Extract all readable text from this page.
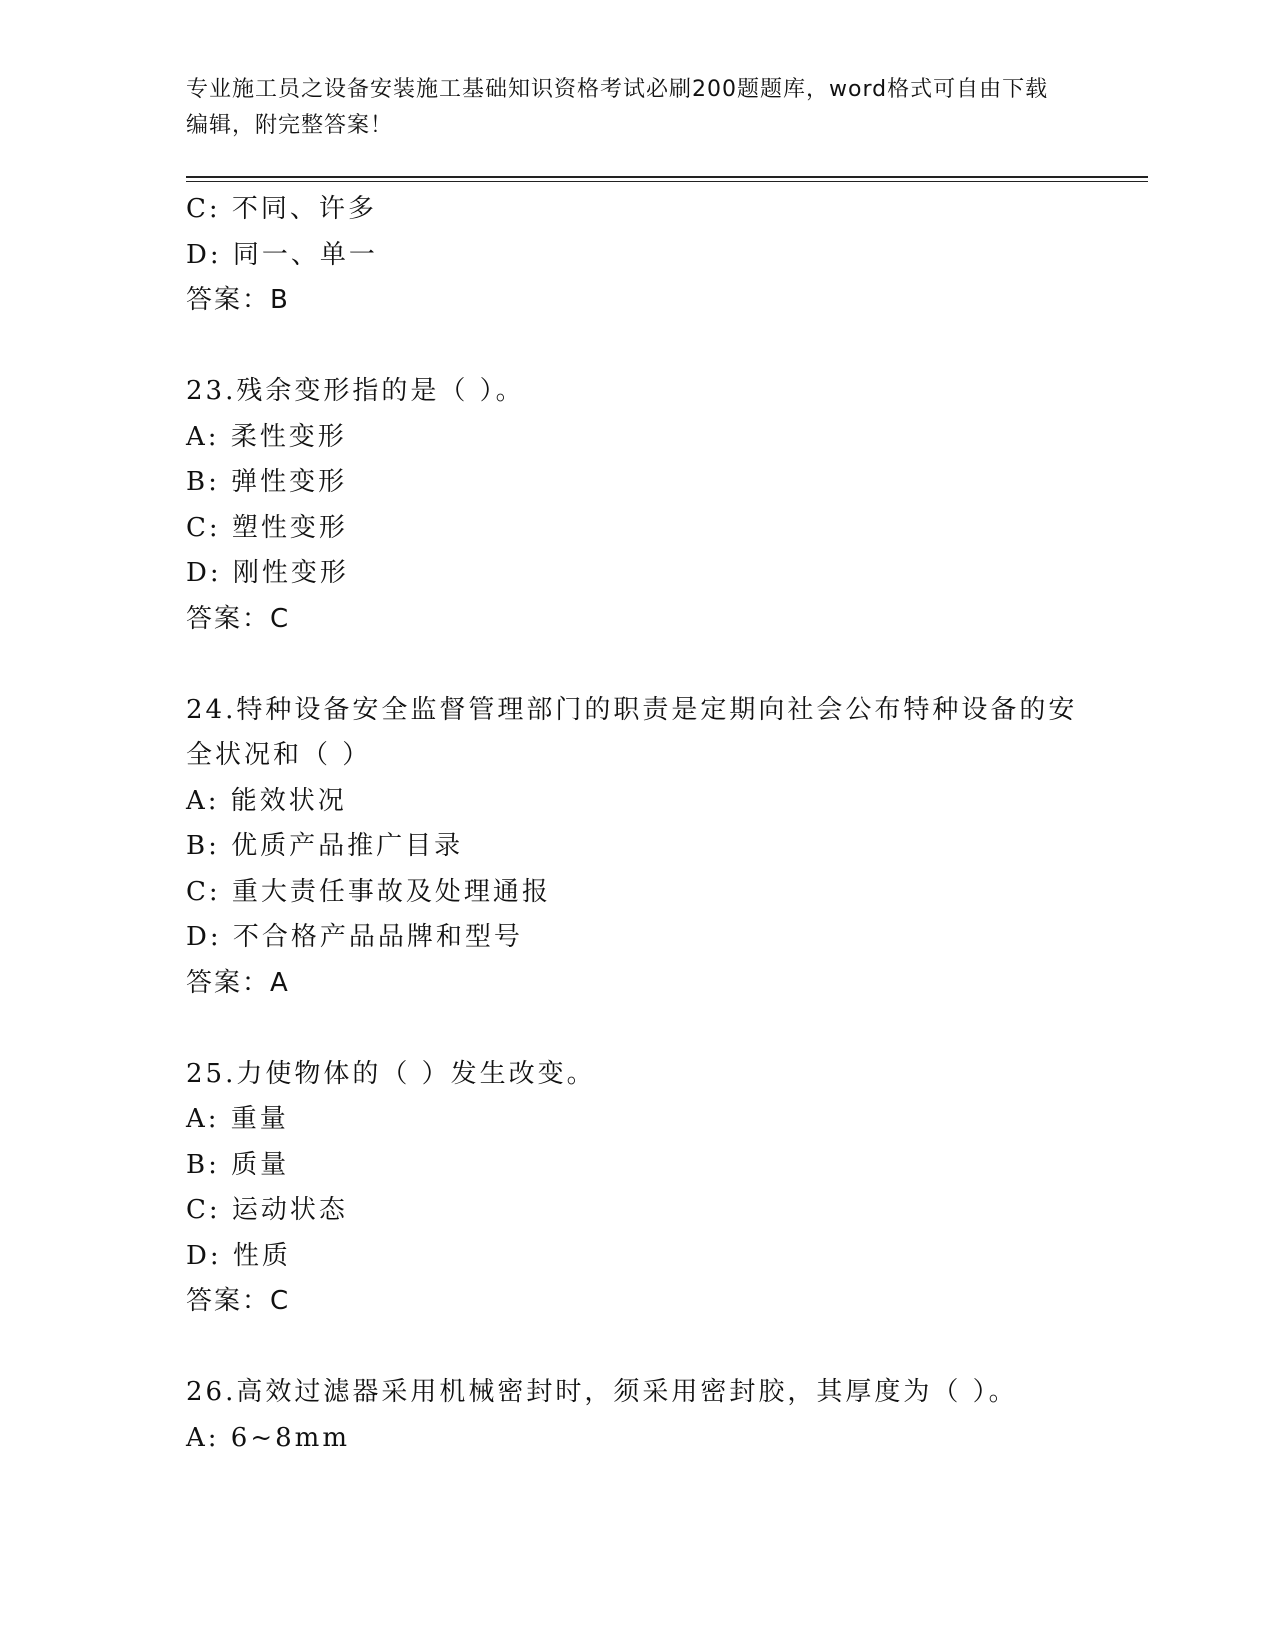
专业施工员之设备安装施工基础知识资格考试必刷200题题库，word格式可自由下载编辑，附完整答案！
C: 不同、许多
D: 同一、单一
答案：B
23.残余变形指的是（ ）。
A: 柔性变形
B: 弹性变形
C: 塑性变形
D: 刚性变形
答案：C
24.特种设备安全监督管理部门的职责是定期向社会公布特种设备的安
全状况和（ ）
A: 能效状况
B: 优质产品推广目录
C: 重大责任事故及处理通报
D: 不合格产品品牌和型号
答案：A
25.力使物体的（ ）发生改变。
A: 重量
B: 质量
C: 运动状态
D: 性质
答案：C
26.高效过滤器采用机械密封时，须采用密封胶，其厚度为（ ）。
A: 6~8mm
